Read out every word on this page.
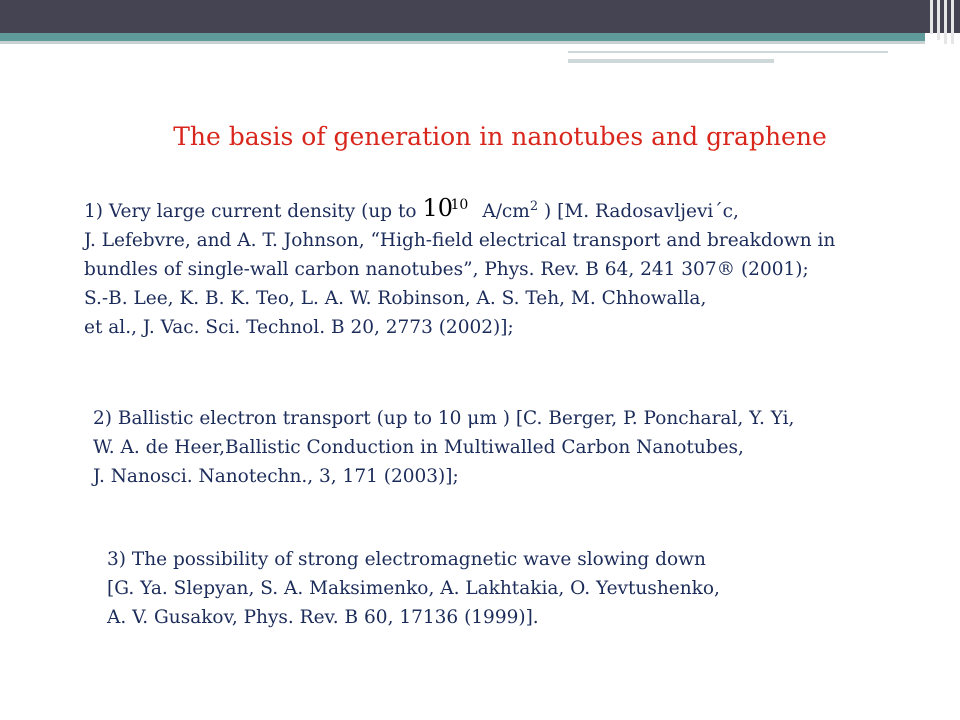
The basis of generation in nanotubes and graphene
1) Very large current density (up to 10
10 $A/cm^2$ ) [M. Radosavljevi´c,
J. Lefebvre, and A. T. Johnson, “High-field electrical transport and breakdown in
bundles of single-wall carbon nanotubes”, Phys. Rev. B 64, 241 307® (2001);
S.-B. Lee, K. B. K. Teo, L. A. W. Robinson, A. S. Teh, M. Chhowalla,
et al., J. Vac. Sci. Technol. B 20, 2773 (2002)];
2) Ballistic electron transport (up to 10 μm ) [C. Berger, P. Poncharal, Y. Yi,
W. A. de Heer,Ballistic Conduction in Multiwalled Carbon Nanotubes,
J. Nanosci. Nanotechn., 3, 171 (2003)];
3) The possibility of strong electromagnetic wave slowing down
[G. Ya. Slepyan, S. A. Maksimenko, A. Lakhtakia, O. Yevtushenko,
A. V. Gusakov, Phys. Rev. B 60, 17136 (1999)].
